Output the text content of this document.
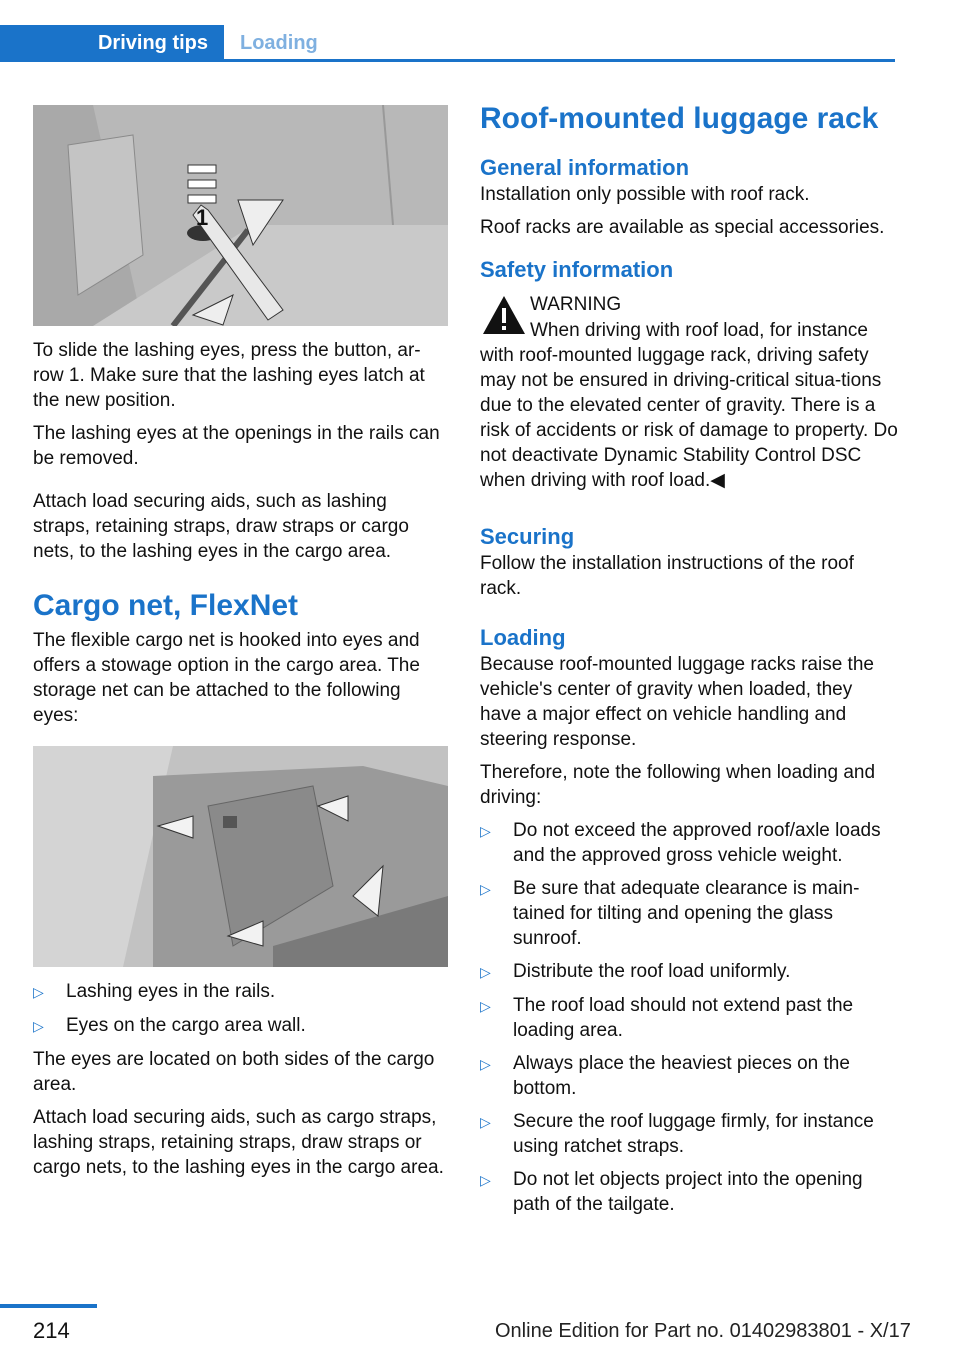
Driving tips	Loading
1

To slide the lashing eyes, press the button, ar‐row 1. Make sure that the lashing eyes latch at the new position.

The lashing eyes at the openings in the rails can be removed.

Attach load securing aids, such as lashing straps, retaining straps, draw straps or cargo nets, to the lashing eyes in the cargo area.

Cargo net, FlexNet

The flexible cargo net is hooked into eyes and offers a stowage option in the cargo area. The storage net can be attached to the following eyes:

▷	Lashing eyes in the rails.
▷	Eyes on the cargo area wall.

The eyes are located on both sides of the cargo area.

Attach load securing aids, such as cargo straps, lashing straps, retaining straps, draw straps or cargo nets, to the lashing eyes in the cargo area.

Roof-mounted luggage rack
General information

Installation only possible with roof rack.

Roof racks are available as special accessories.

Safety information
WARNING

When driving with roof load, for instance with roof-mounted luggage rack, driving safety may not be ensured in driving-critical situa‐tions due to the elevated center of gravity. There is a risk of accidents or risk of damage to property. Do not deactivate Dynamic Stability Control DSC when driving with roof load.◀

Securing

Follow the installation instructions of the roof rack.

Loading

Because roof-mounted luggage racks raise the vehicle's center of gravity when loaded, they have a major effect on vehicle handling and steering response.

Therefore, note the following when loading and driving:

▷	Do not exceed the approved roof/axle loads and the approved gross vehicle weight.
▷	Be sure that adequate clearance is main‐tained for tilting and opening the glass sunroof.
▷	Distribute the roof load uniformly.
▷	The roof load should not extend past the loading area.
▷	Always place the heaviest pieces on the bottom.
▷	Secure the roof luggage firmly, for instance using ratchet straps.
▷	Do not let objects project into the opening path of the tailgate.
214	Online Edition for Part no. 01402983801 - X/17
